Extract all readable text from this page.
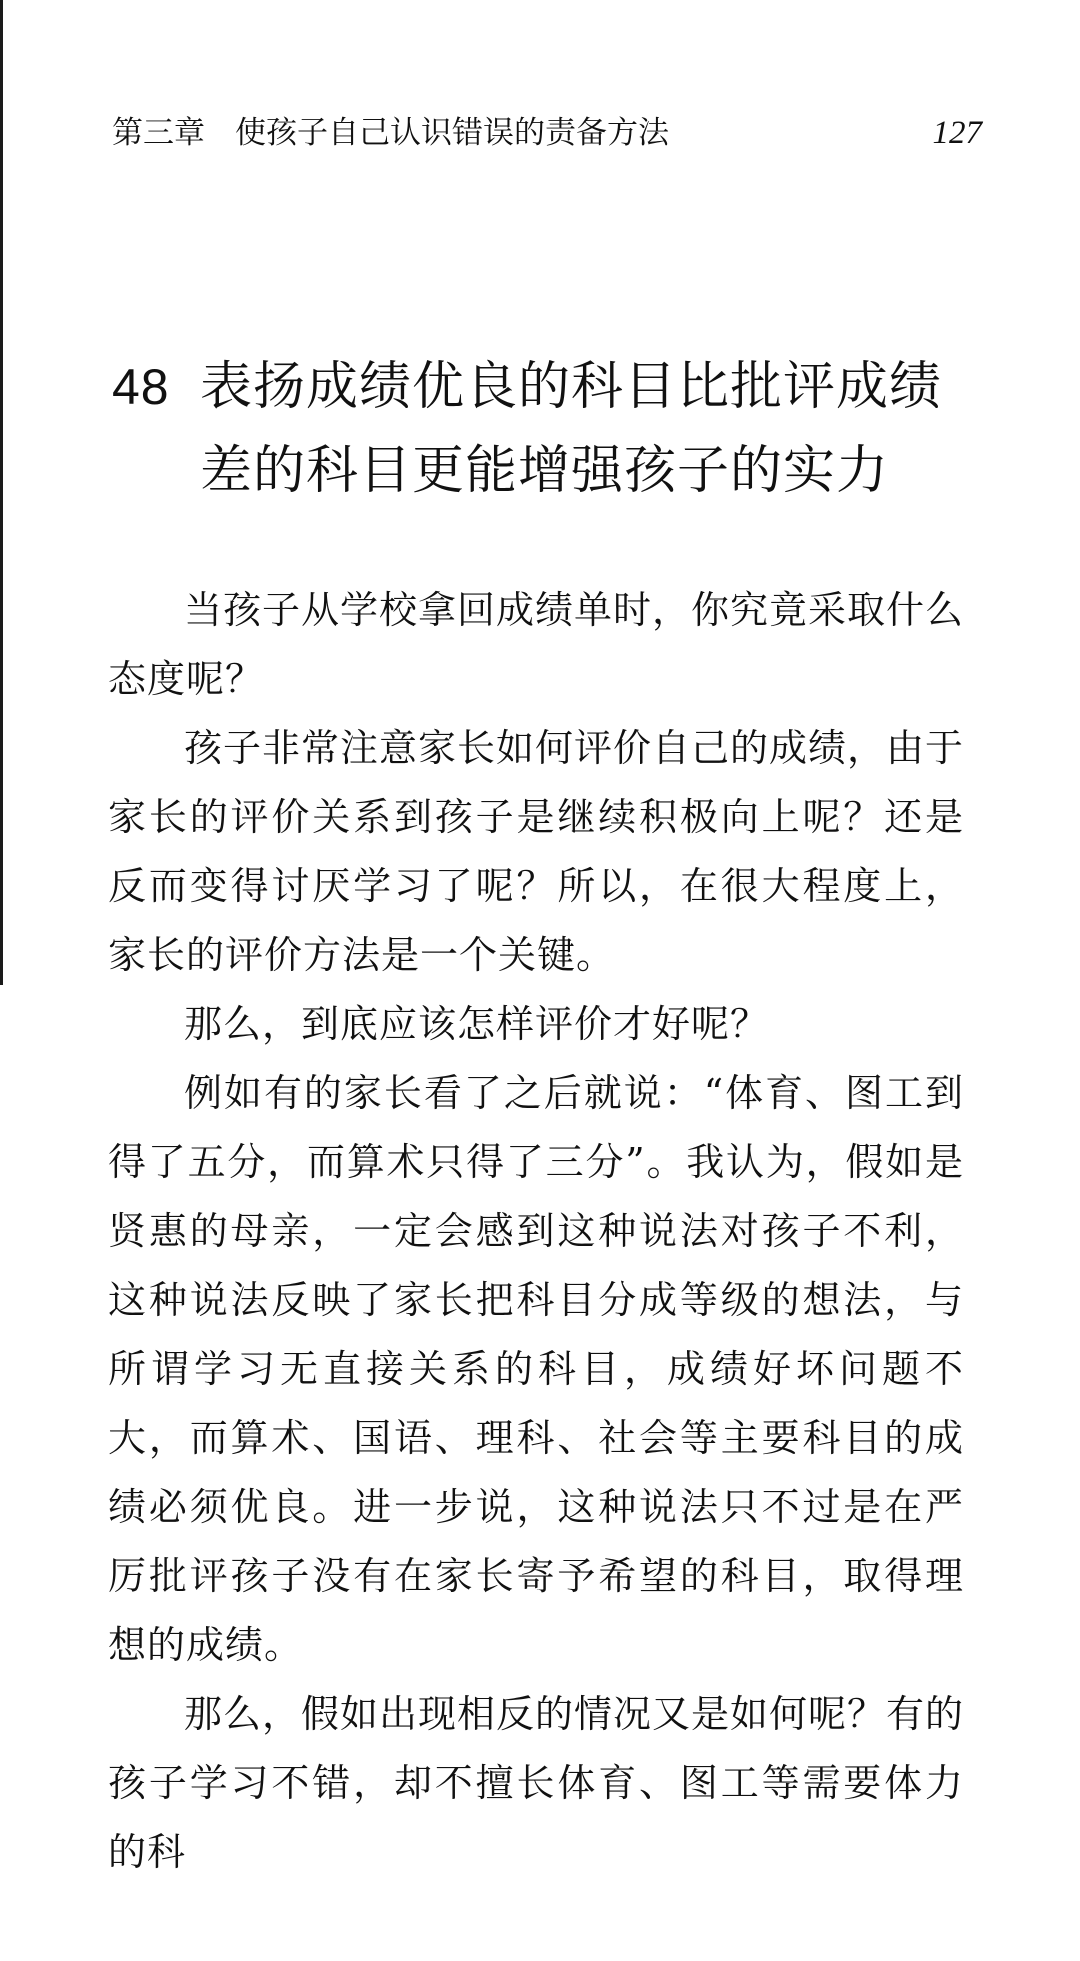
第三章 使孩子自己认识错误的责备方法	127
48 表扬成绩优良的科目比批评成绩差的科目更能增强孩子的实力

当孩子从学校拿回成绩单时，你究竟采取什么态度呢？

孩子非常注意家长如何评价自己的成绩，由于家长的评价关系到孩子是继续积极向上呢？还是反而变得讨厌学习了呢？所以，在很大程度上，家长的评价方法是一个关键。

那么，到底应该怎样评价才好呢？

例如有的家长看了之后就说：“体育、图工到得了五分，而算术只得了三分”。我认为，假如是贤惠的母亲，一定会感到这种说法对孩子不利，这种说法反映了家长把科目分成等级的想法，与所谓学习无直接关系的科目，成绩好坏问题不大，而算术、国语、理科、社会等主要科目的成绩必须优良。进一步说，这种说法只不过是在严厉批评孩子没有在家长寄予希望的科目，取得理想的成绩。

那么，假如出现相反的情况又是如何呢？有的孩子学习不错，却不擅长体育、图工等需要体力的科
